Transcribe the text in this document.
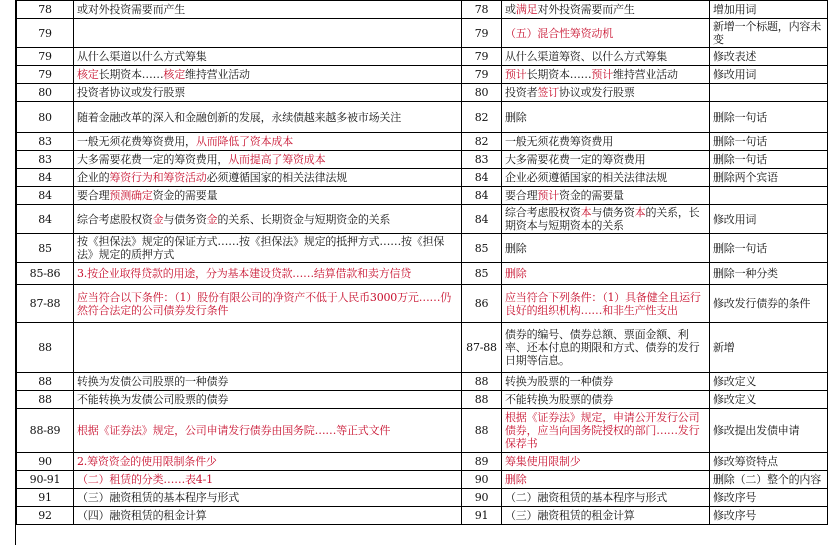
78	或对外投资需要而产生	78	或满足对外投资需要而产生	增加用词
79		79	（五）混合性筹资动机	新增一个标题，内容未变
79	从什么渠道以什么方式筹集	79	从什么渠道筹资、以什么方式筹集	修改表述
79	核定长期资本……核定维持营业活动	79	预计长期资本……预计维持营业活动	修改用词
80	投资者协议或发行股票	80	投资者签订协议或发行股票	
80	随着金融改革的深入和金融创新的发展，永续债越来越多被市场关注	82	删除	删除一句话
83	一般无须花费筹资费用，从而降低了资本成本	82	一般无须花费筹资费用	删除一句话
83	大多需要花费一定的筹资费用，从而提高了筹资成本	83	大多需要花费一定的筹资费用	删除一句话
84	企业的筹资行为和筹资活动必须遵循国家的相关法律法规	84	企业必须遵循国家的相关法律法规	删除两个宾语
84	要合理预测确定资金的需要量	84	要合理预计资金的需要量	
84	综合考虑股权资金与债务资金的关系、长期资金与短期资金的关系	84	综合考虑股权资本与债务资本的关系，长期资本与短期资本的关系	修改用词
85	按《担保法》规定的保证方式……按《担保法》规定的抵押方式……按《担保法》规定的质押方式	85	删除	删除一句话
85-86	3.按企业取得贷款的用途，分为基本建设贷款……结算借款和卖方信贷	85	删除	删除一种分类
87-88	应当符合以下条件：（1）股份有限公司的净资产不低于人民币3000万元……仍然符合法定的公司债券发行条件	86	应当符合下列条件：（1）具备健全且运行良好的组织机构……和非生产性支出	修改发行债券的条件
88		87-88	债券的编号、债券总额、票面金额、利率、还本付息的期限和方式、债券的发行日期等信息。	新增
88	转换为发债公司股票的一种债券	88	转换为股票的一种债券	修改定义
88	不能转换为发债公司股票的债券	88	不能转换为股票的债券	修改定义
88-89	根据《证券法》规定，公司申请发行债券由国务院……等正式文件	88	根据《证券法》规定，申请公开发行公司债券，应当向国务院授权的部门……发行保荐书	修改提出发债申请
90	2.筹资资金的使用限制条件少	89	筹集使用限制少	修改筹资特点
90-91	（二）租赁的分类……表4-1	90	删除	删除（二）整个的内容
91	（三）融资租赁的基本程序与形式	90	（二）融资租赁的基本程序与形式	修改序号
92	（四）融资租赁的租金计算	91	（三）融资租赁的租金计算	修改序号
